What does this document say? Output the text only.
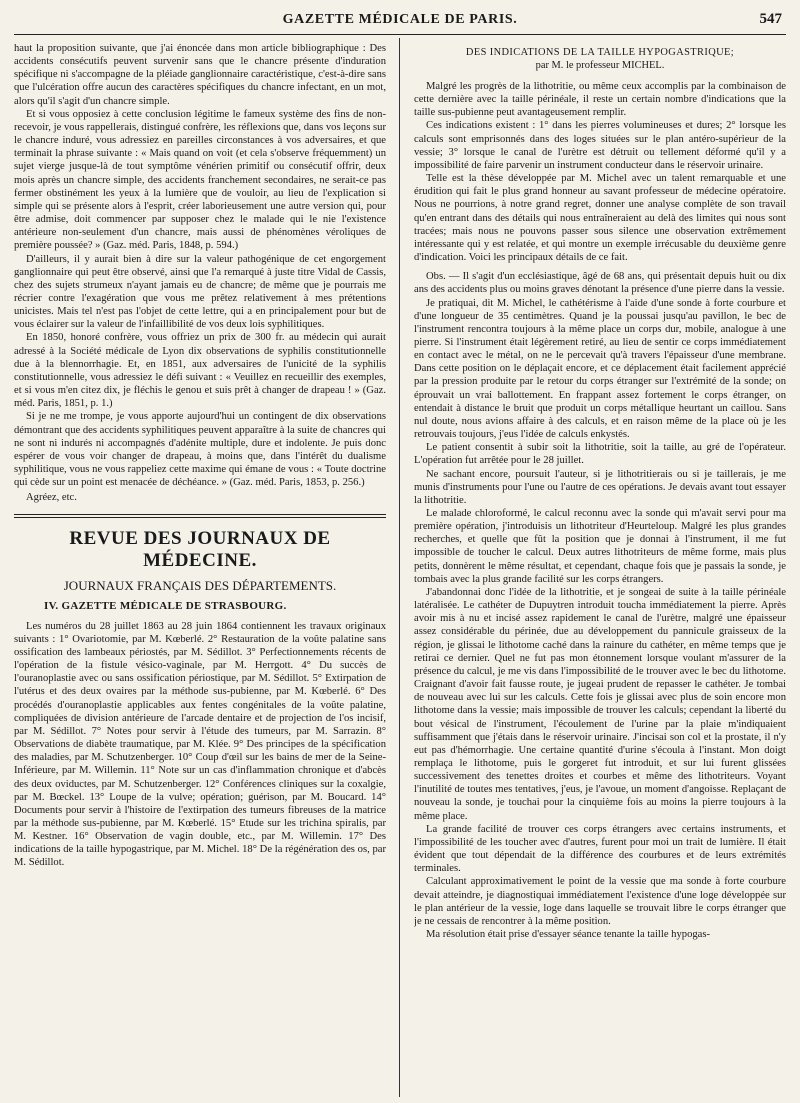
GAZETTE MÉDICALE DE PARIS.	547

haut la proposition suivante, que j'ai énoncée dans mon article bibliographique : Des accidents consécutifs peuvent survenir sans que le chancre présente d'induration spécifique ni s'accompagne de la pléiade ganglionnaire caractéristique, c'est-à-dire sans que l'ulcération offre aucun des caractères spécifiques du chancre infectant, en un mot, alors qu'il s'agit d'un chancre simple.

Et si vous opposiez à cette conclusion légitime le fameux système des fins de non-recevoir, je vous rappellerais, distingué confrère, les réflexions que, dans vos leçons sur le chancre induré, vous adressiez en pareilles circonstances à vos adversaires, et que terminait la phrase suivante : « Mais quand on voit (et cela s'observe fréquemment) un sujet vierge jusque-là de tout symptôme vénérien primitif ou consécutif offrir, deux mois après un chancre simple, des accidents franchement secondaires, ne serait-ce pas fermer obstinément les yeux à la lumière que de vouloir, au lieu de l'explication si simple qui se présente alors à l'esprit, créer laborieusement une autre version qui, pour être admise, doit commencer par supposer chez le malade qui le nie l'existence antérieure non-seulement d'un chancre, mais aussi de phénomènes véroliques de première poussée? » (Gaz. méd. Paris, 1848, p. 594.)

D'ailleurs, il y aurait bien à dire sur la valeur pathogénique de cet engorgement ganglionnaire qui peut être observé, ainsi que l'a remarqué à juste titre Vidal de Cassis, chez des sujets strumeux n'ayant jamais eu de chancre; de même que je pourrais me récrier contre l'exagération que vous me prêtez relativement à mes prétentions unicistes. Mais tel n'est pas l'objet de cette lettre, qui a en principalement pour but de vous éclairer sur la valeur de l'infaillibilité de vos deux lois syphilitiques.

En 1850, honoré confrère, vous offriez un prix de 300 fr. au médecin qui aurait adressé à la Société médicale de Lyon dix observations de syphilis constitutionnelle due à la blennorrhagie. Et, en 1851, aux adversaires de l'unicité de la syphilis constitutionnelle, vous adressiez le défi suivant : « Veuillez en recueillir des exemples, et si vous m'en citez dix, je fléchis le genou et suis prêt à changer de drapeau ! » (Gaz. méd. Paris, 1851, p. 1.)

Si je ne me trompe, je vous apporte aujourd'hui un contingent de dix observations démontrant que des accidents syphilitiques peuvent apparaître à la suite de chancres qui ne sont ni indurés ni accompagnés d'adénite multiple, dure et indolente. Je puis donc espérer de vous voir changer de drapeau, à moins que, dans l'intérêt du dualisme syphilitique, vous ne vous rappeliez cette maxime qui émane de vous : « Toute doctrine qui cède sur un point est menacée de déchéance. » (Gaz. méd. Paris, 1853, p. 256.)

Agréez, etc.

REVUE DES JOURNAUX DE MÉDECINE.
JOURNAUX FRANÇAIS DES DÉPARTEMENTS.
IV. GAZETTE MÉDICALE DE STRASBOURG.

Les numéros du 28 juillet 1863 au 28 juin 1864 contiennent les travaux originaux suivants : 1° Ovariotomie, par M. Kœberlé. 2° Restauration de la voûte palatine sans ossification des lambeaux périostés, par M. Sédillot. 3° Perfectionnements récents de l'opération de la fistule vésico-vaginale, par M. Herrgott. 4° Du succès de l'ouranoplastie avec ou sans ossification périostique, par M. Sédillot. 5° Extirpation de l'utérus et des deux ovaires par la méthode sus-pubienne, par M. Kœberlé. 6° Des procédés d'ouranoplastie applicables aux fentes congénitales de la voûte palatine, compliquées de division antérieure de l'arcade dentaire et de projection de l'os incisif, par M. Sédillot. 7° Notes pour servir à l'étude des tumeurs, par M. Sarrazin. 8° Observations de diabète traumatique, par M. Klée. 9° Des principes de la spécification des maladies, par M. Schutzenberger. 10° Coup d'œil sur les bains de mer de la Seine-Inférieure, par M. Willemin. 11° Note sur un cas d'inflammation chronique et d'abcès des deux oviductes, par M. Schutzenberger. 12° Conférences cliniques sur la coxalgie, par M. Bœckel. 13° Loupe de la vulve; opération; guérison, par M. Boucard. 14° Documents pour servir à l'histoire de l'extirpation des tumeurs fibreuses de la matrice par la méthode sus-pubienne, par M. Kœberlé. 15° Etude sur les trichina spiralis, par M. Kestner. 16° Observation de vagin double, etc., par M. Willemin. 17° Des indications de la taille hypogastrique, par M. Michel. 18° De la régénération des os, par M. Sédillot.

DES INDICATIONS DE LA TAILLE HYPOGASTRIQUE;
par M. le professeur MICHEL.

Malgré les progrès de la lithotritie, ou même ceux accomplis par la combinaison de cette dernière avec la taille périnéale, il reste un certain nombre d'indications que la taille sus-pubienne peut avantageusement remplir.

Ces indications existent : 1° dans les pierres volumineuses et dures; 2° lorsque les calculs sont emprisonnés dans des loges situées sur le plan antéro-supérieur de la vessie; 3° lorsque le canal de l'urètre est détruit ou tellement déformé qu'il y a impossibilité de faire parvenir un instrument conducteur dans le réservoir urinaire.

Telle est la thèse développée par M. Michel avec un talent remarquable et une érudition qui fait le plus grand honneur au savant professeur de médecine opératoire. Nous ne pourrions, à notre grand regret, donner une analyse complète de son travail qu'en entrant dans des détails qui nous entraîneraient au delà des limites qui nous sont tracées; mais nous ne pouvons passer sous silence une observation extrêmement intéressante qui y est relatée, et qui montre un exemple irrécusable du deuxième genre d'indication. Voici les principaux détails de ce fait.

Obs. — Il s'agit d'un ecclésiastique, âgé de 68 ans, qui présentait depuis huit ou dix ans des accidents plus ou moins graves dénotant la présence d'une pierre dans la vessie.

Je pratiquai, dit M. Michel, le cathétérisme à l'aide d'une sonde à forte courbure et d'une longueur de 35 centimètres. Quand je la poussai jusqu'au pavillon, le bec de l'instrument rencontra toujours à la même place un corps dur, mobile, analogue à une pierre. Si l'instrument était légèrement retiré, au lieu de sentir ce corps immédiatement en contact avec le métal, on ne le percevait qu'à travers l'épaisseur d'une membrane. Dans cette position on le déplaçait encore, et ce déplacement était facilement apprécié par la pression produite par le retour du corps étranger sur l'extrémité de la sonde; on éprouvait un vrai ballottement. En frappant assez fortement le corps étranger, on entendait à distance le bruit que produit un corps métallique heurtant un caillou. Sans nul doute, nous avions affaire à des calculs, et en raison même de la place où je les retrouvais toujours, j'eus l'idée de calculs enkystés.

Le patient consentit à subir soit la lithotritie, soit la taille, au gré de l'opérateur. L'opération fut arrêtée pour le 28 juillet.

Ne sachant encore, poursuit l'auteur, si je lithotritierais ou si je taillerais, je me munis d'instruments pour l'une ou l'autre de ces opérations. Je devais avant tout essayer la lithotritie.

Le malade chloroformé, le calcul reconnu avec la sonde qui m'avait servi pour ma première opération, j'introduisis un lithotriteur d'Heurteloup. Malgré les plus grandes recherches, et quelle que fût la position que je donnai à l'instrument, il me fut impossible de toucher le calcul. Deux autres lithotriteurs de même forme, mais plus petits, donnèrent le même résultat, et cependant, chaque fois que je passais la sonde, je tombais avec la plus grande facilité sur les corps étrangers.

J'abandonnai donc l'idée de la lithotritie, et je songeai de suite à la taille périnéale latéralisée. Le cathéter de Dupuytren introduit toucha immédiatement la pierre. Après avoir mis à nu et incisé assez rapidement le canal de l'urètre, malgré une épaisseur assez considérable du périnée, due au développement du pannicule graisseux de la région, je glissai le lithotome caché dans la rainure du cathéter, en même temps que je retirai ce dernier. Quel ne fut pas mon étonnement lorsque voulant m'assurer de la présence du calcul, je me vis dans l'impossibilité de le trouver avec le bec du lithotome. Craignant d'avoir fait fausse route, je jugeai prudent de repasser le cathéter. Je tombai de nouveau avec lui sur les calculs. Cette fois je glissai avec plus de soin encore mon lithotome dans la vessie; mais impossible de trouver les calculs; cependant la liberté du bout vésical de l'instrument, l'écoulement de l'urine par la plaie m'indiquaient suffisamment que j'étais dans le réservoir urinaire. J'incisai son col et la prostate, il n'y eut pas d'hémorrhagie. Une certaine quantité d'urine s'écoula à l'instant. Mon doigt remplaça le lithotome, puis le gorgeret fut introduit, et sur lui furent glissées successivement des tenettes droites et courbes et même des lithotriteurs. Voyant l'inutilité de toutes mes tentatives, j'eus, je l'avoue, un moment d'angoisse. Replaçant de nouveau la sonde, je touchai pour la cinquième fois au moins la pierre toujours à la même place.

La grande facilité de trouver ces corps étrangers avec certains instruments, et l'impossibilité de les toucher avec d'autres, furent pour moi un trait de lumière. Il était évident que tout dépendait de la différence des courbures et de leurs extrémités terminales.

Calculant approximativement le point de la vessie que ma sonde à forte courbure devait atteindre, je diagnostiquai immédiatement l'existence d'une loge développée sur le plan antérieur de la vessie, loge dans laquelle se trouvait libre le corps étranger que je ne cessais de rencontrer à la même position.

Ma résolution était prise d'essayer séance tenante la taille hypogas-
